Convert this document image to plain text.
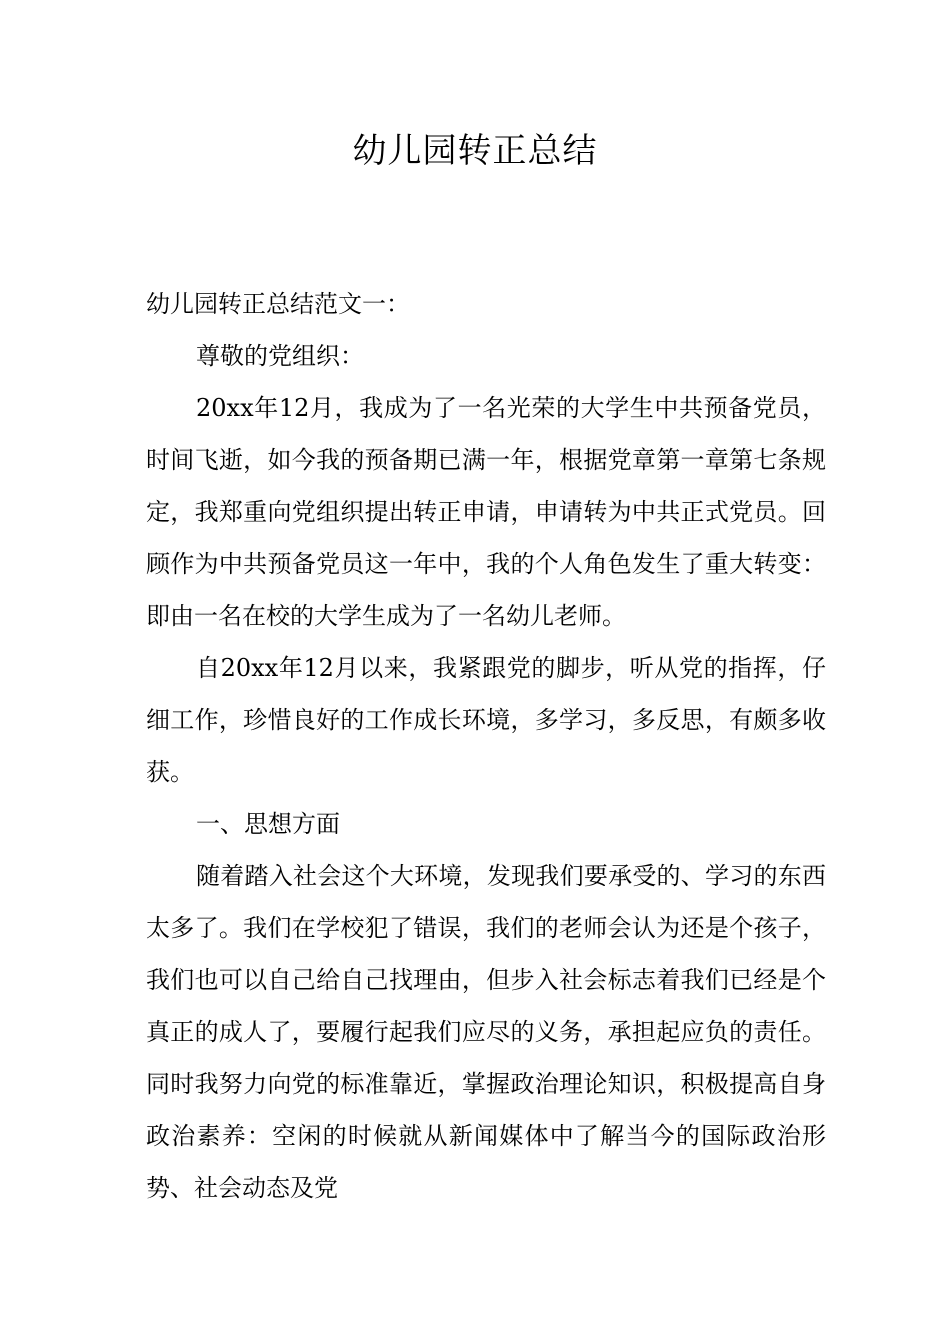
幼儿园转正总结

幼儿园转正总结范文一：

尊敬的党组织：

20xx年12月，我成为了一名光荣的大学生中共预备党员，时间飞逝，如今我的预备期已满一年，根据党章第一章第七条规定，我郑重向党组织提出转正申请，申请转为中共正式党员。回顾作为中共预备党员这一年中，我的个人角色发生了重大转变：即由一名在校的大学生成为了一名幼儿老师。

自20xx年12月以来，我紧跟党的脚步，听从党的指挥，仔细工作，珍惜良好的工作成长环境，多学习，多反思，有颇多收获。

一、思想方面

随着踏入社会这个大环境，发现我们要承受的、学习的东西太多了。我们在学校犯了错误，我们的老师会认为还是个孩子，我们也可以自己给自己找理由，但步入社会标志着我们已经是个真正的成人了，要履行起我们应尽的义务，承担起应负的责任。同时我努力向党的标准靠近，掌握政治理论知识，积极提高自身政治素养：空闲的时候就从新闻媒体中了解当今的国际政治形势、社会动态及党
